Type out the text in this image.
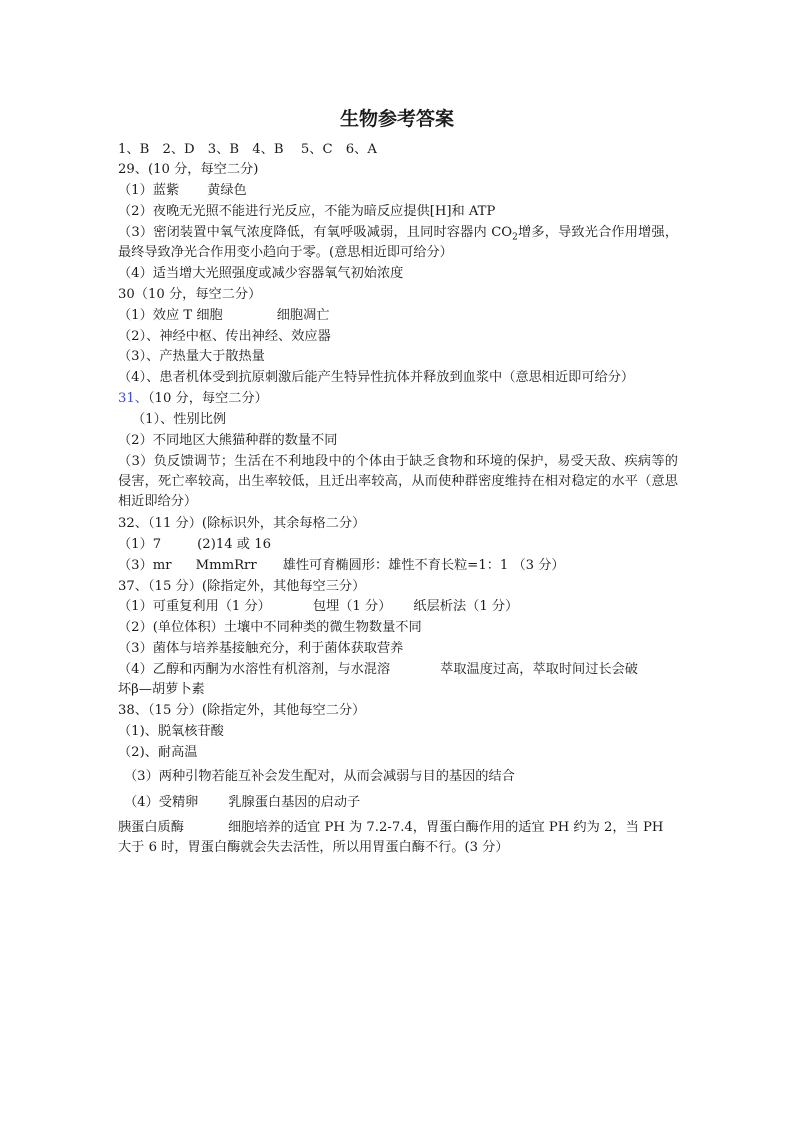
生物参考答案
1、B　2、D　3、B　4、B　 5、C　6、A
29、(10 分，每空二分)
（1）蓝紫 黄绿色
（2）夜晚无光照不能进行光反应，不能为暗反应提供[H]和 ATP
（3）密闭装置中氧气浓度降低，有氧呼吸减弱，且同时容器内 $CO_2$增多，导致光合作用增强，最终导致净光合作用变小趋向于零。(意思相近即可给分）
（4）适当增大光照强度或减少容器氧气初始浓度
30（10 分，每空二分）
（1）效应 T 细胞	细胞凋亡
（2）、神经中枢、传出神经、效应器
（3）、产热量大于散热量
（4）、患者机体受到抗原刺激后能产生特异性抗体并释放到血浆中（意思相近即可给分）
31、（10 分，每空二分）
（1）、性别比例
（2）不同地区大熊猫种群的数量不同
（3）负反馈调节；生活在不利地段中的个体由于缺乏食物和环境的保护，易受天敌、疾病等的侵害，死亡率较高，出生率较低，且迁出率较高，从而使种群密度维持在相对稳定的水平（意思相近即给分）
32、（11 分）(除标识外，其余每格二分）
（1）7	(2)14 或 16
（3）mr MmmRrr 雄性可育椭圆形：雄性不育长粒=1：1 （3 分）
37、（15 分）(除指定外，其他每空三分）
（1）可重复利用（1 分）	包埋（1 分） 纸层析法（1 分）
（2）(单位体积）土壤中不同种类的微生物数量不同
（3）菌体与培养基接触充分，利于菌体获取营养
（4）乙醇和丙酮为水溶性有机溶剂，与水混溶	萃取温度过高，萃取时间过长会破
坏β—胡萝卜素
38、（15 分）(除指定外，其他每空二分）
（1)、脱氧核苷酸
（2)、耐高温
（3）两种引物若能互补会发生配对，从而会减弱与目的基因的结合
（4）受精卵 乳腺蛋白基因的启动子
胰蛋白质酶	细胞培养的适宜 PH 为 7.2-7.4，胃蛋白酶作用的适宜 PH 约为 2，当 PH
大于 6 时，胃蛋白酶就会失去活性，所以用胃蛋白酶不行。(3 分）
